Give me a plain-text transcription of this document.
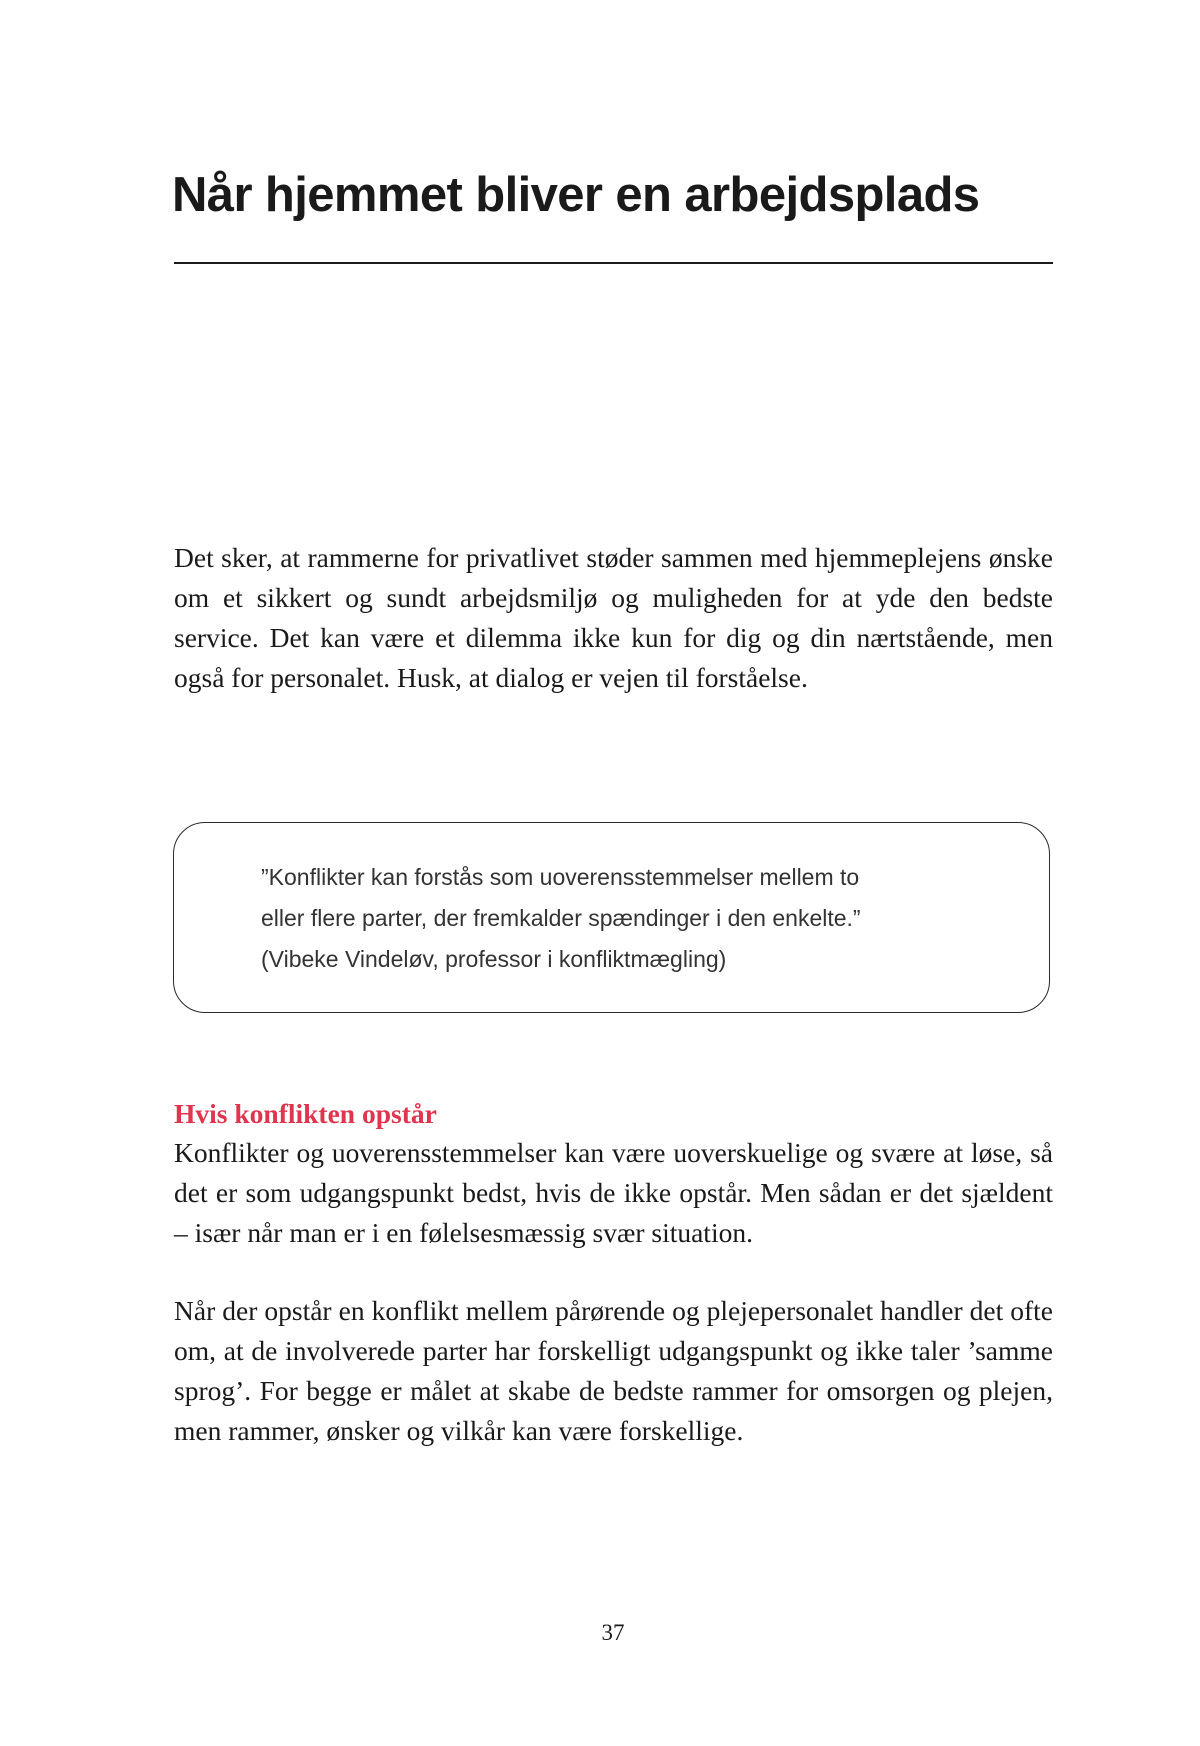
Når hjemmet bliver en arbejdsplads

Det sker, at rammerne for privatlivet støder sammen med hjemmeplejens ønske om et sikkert og sundt arbejdsmiljø og muligheden for at yde den bedste service. Det kan være et dilemma ikke kun for dig og din nærtstående, men også for personalet. Husk, at dialog er vejen til forståelse.

”Konflikter kan forstås som uoverensstemmelser mellem to
eller flere parter, der fremkalder spændinger i den enkelte.”
(Vibeke Vindeløv, professor i konfliktmægling)

Hvis konflikten opstår

Konflikter og uoverensstemmelser kan være uoverskuelige og svære at løse, så det er som udgangspunkt bedst, hvis de ikke opstår. Men sådan er det sjældent – især når man er i en følelsesmæssig svær situation.

Når der opstår en konflikt mellem pårørende og plejepersonalet handler det ofte om, at de involverede parter har forskelligt udgangspunkt og ikke taler ’samme sprog’. For begge er målet at skabe de bedste rammer for omsorgen og plejen, men rammer, ønsker og vilkår kan være forskellige.

37
